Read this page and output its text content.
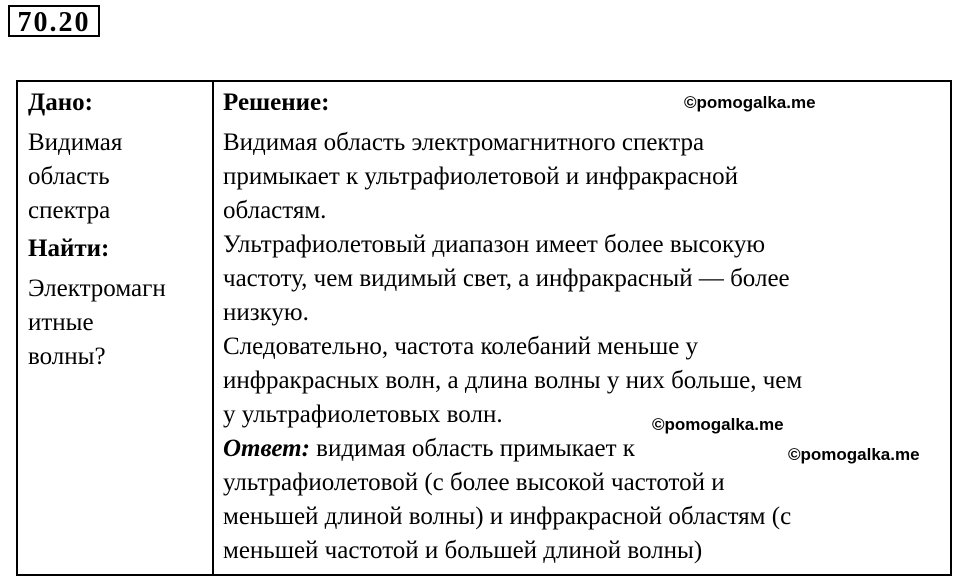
70.20
Дано:
Видимая
область
спектра
Найти:
Электромагн
итные
волны?
Решение:
Видимая область электромагнитного спектра
примыкает к ультрафиолетовой и инфракрасной
областям.
Ультрафиолетовый диапазон имеет более высокую
частоту, чем видимый свет, а инфракрасный — более
низкую.
Следовательно, частота колебаний меньше у
инфракрасных волн, а длина волны у них больше, чем
у ультрафиолетовых волн.
Ответ: видимая область примыкает к
ультрафиолетовой (с более высокой частотой и
меньшей длиной волны) и инфракрасной областям (с
меньшей частотой и большей длиной волны)
©pomogalka.me
©pomogalka.me
©pomogalka.me
